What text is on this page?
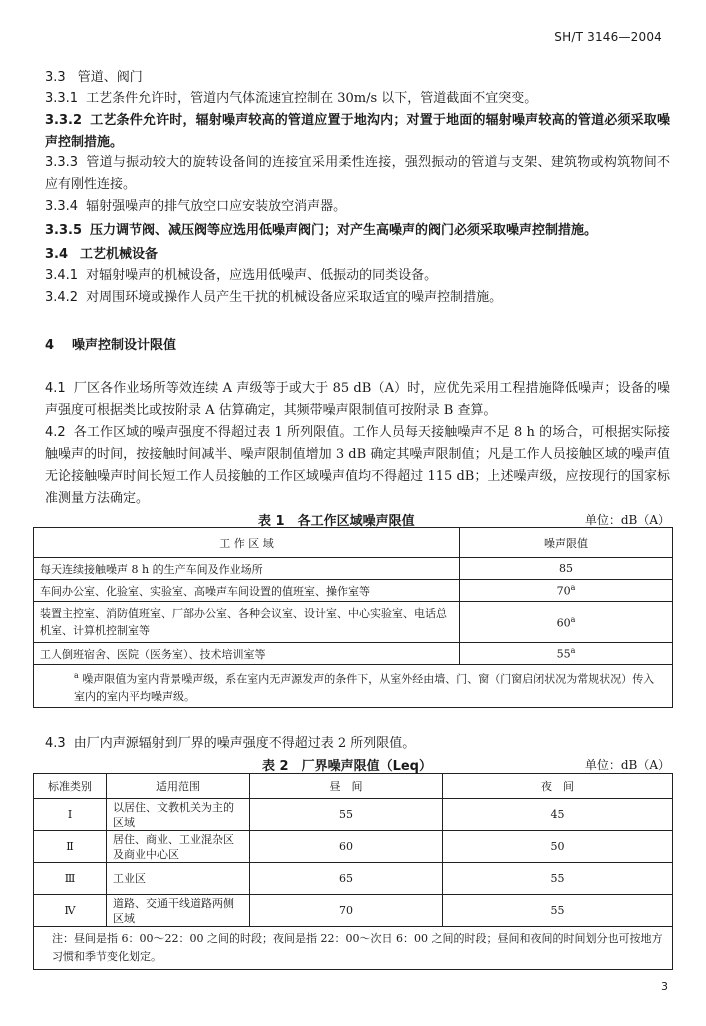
SH/T 3146—2004
3.3 管道、阀门
3.3.1 工艺条件允许时，管道内气体流速宜控制在 30m/s 以下，管道截面不宜突变。
3.3.2 工艺条件允许时，辐射噪声较高的管道应置于地沟内；对置于地面的辐射噪声较高的管道必须采取噪声控制措施。
3.3.3 管道与振动较大的旋转设备间的连接宜采用柔性连接，强烈振动的管道与支架、建筑物或构筑物间不应有刚性连接。
3.3.4 辐射强噪声的排气放空口应安装放空消声器。
3.3.5 压力调节阀、减压阀等应选用低噪声阀门；对产生高噪声的阀门必须采取噪声控制措施。
3.4 工艺机械设备
3.4.1 对辐射噪声的机械设备，应选用低噪声、低振动的同类设备。
3.4.2 对周围环境或操作人员产生干扰的机械设备应采取适宜的噪声控制措施。
4 噪声控制设计限值
4.1 厂区各作业场所等效连续 A 声级等于或大于 85 dB（A）时，应优先采用工程措施降低噪声；设备的噪声强度可根据类比或按附录 A 估算确定，其频带噪声限制值可按附录 B 查算。
4.2 各工作区域的噪声强度不得超过表 1 所列限值。工作人员每天接触噪声不足 8 h 的场合，可根据实际接触噪声的时间，按接触时间减半、噪声限制值增加 3 dB 确定其噪声限制值；凡是工作人员接触区域的噪声值无论接触噪声时间长短工作人员接触的工作区域噪声值均不得超过 115 dB；上述噪声级，应按现行的国家标准测量方法确定。
表 1　各工作区域噪声限值	单位：dB（A）
工 作 区 域	噪声限值
每天连续接触噪声 8 h 的生产车间及作业场所	85
车间办公室、化验室、实验室、高噪声车间设置的值班室、操作室等	70$^a$
装置主控室、消防值班室、厂部办公室、各种会议室、设计室、中心实验室、电话总机室、计算机控制室等	60$^a$
工人倒班宿舍、医院（医务室）、技术培训室等	55$^a$
$^a$ 噪声限值为室内背景噪声级，系在室内无声源发声的条件下，从室外经由墙、门、窗（门窗启闭状况为常规状况）传入室内的室内平均噪声级。	
4.3 由厂内声源辐射到厂界的噪声强度不得超过表 2 所列限值。
表 2　厂界噪声限值（Leq）	单位：dB（A）
标准类别	适用范围	昼　间	夜　间
Ⅰ	以居住、文教机关为主的区域	55	45
Ⅱ	居住、商业、工业混杂区及商业中心区	60	50
Ⅲ	工业区	65	55
Ⅳ	道路、交通干线道路两侧区域	70	55
注：昼间是指 6：00～22：00 之间的时段；夜间是指 22：00～次日 6：00 之间的时段；昼间和夜间的时间划分也可按地方习惯和季节变化划定。			
3
